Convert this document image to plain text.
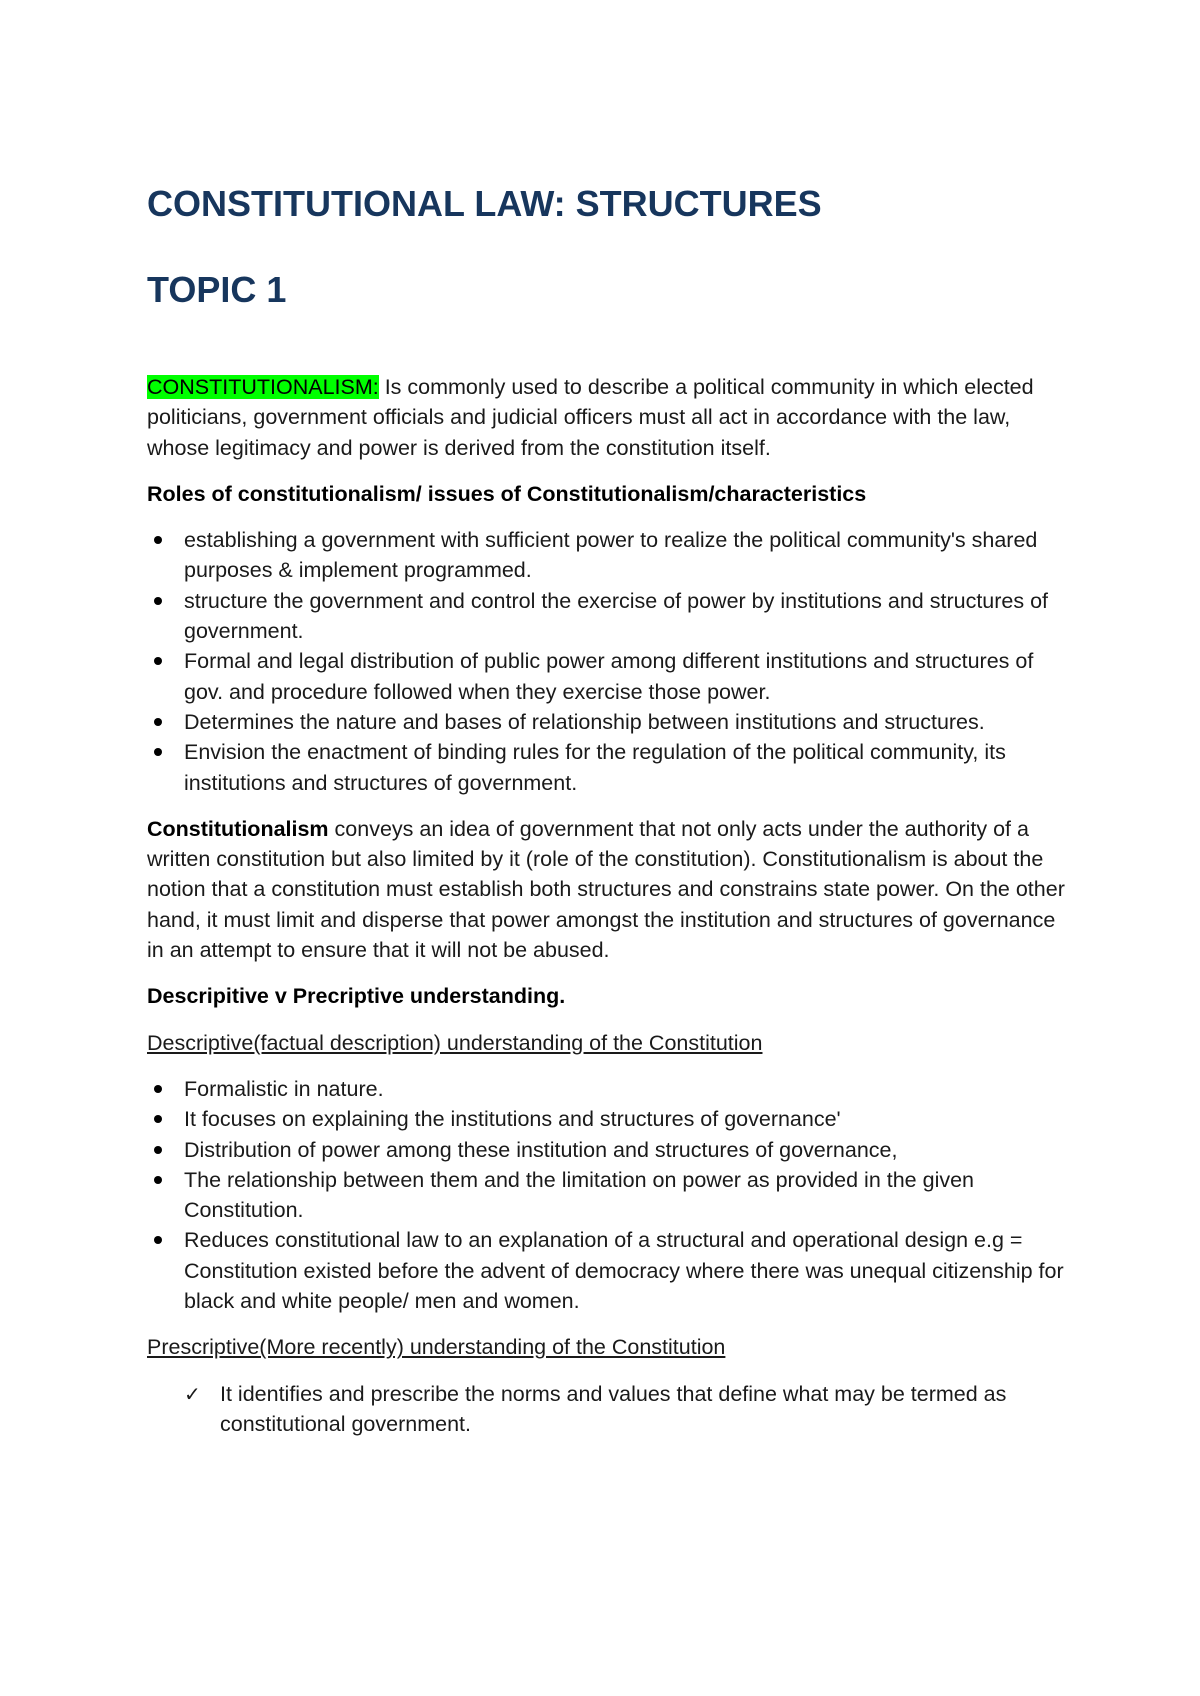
CONSTITUTIONAL LAW: STRUCTURES
TOPIC 1

CONSTITUTIONALISM: Is commonly used to describe a political community in which elected politicians, government officials and judicial officers must all act in accordance with the law, whose legitimacy and power is derived from the constitution itself.

Roles of constitutionalism/ issues of Constitutionalism/characteristics

establishing a government with sufficient power to realize the political community's shared purposes & implement programmed.
structure the government and control the exercise of power by institutions and structures of government.
Formal and legal distribution of public power among different institutions and structures of gov. and procedure followed when they exercise those power.
Determines the nature and bases of relationship between institutions and structures.
Envision the enactment of binding rules for the regulation of the political community, its institutions and structures of government.

Constitutionalism conveys an idea of government that not only acts under the authority of a written constitution but also limited by it (role of the constitution). Constitutionalism is about the notion that a constitution must establish both structures and constrains state power. On the other hand, it must limit and disperse that power amongst the institution and structures of governance in an attempt to ensure that it will not be abused.

Descripitive v Precriptive understanding.

Descriptive(factual description) understanding of the Constitution

Formalistic in nature.
It focuses on explaining the institutions and structures of governance'
Distribution of power among these institution and structures of governance,
The relationship between them and the limitation on power as provided in the given Constitution.
Reduces constitutional law to an explanation of a structural and operational design e.g = Constitution existed before the advent of democracy where there was unequal citizenship for black and white people/ men and women.

Prescriptive(More recently) understanding of the Constitution

✓ It identifies and prescribe the norms and values that define what may be termed as constitutional government.
